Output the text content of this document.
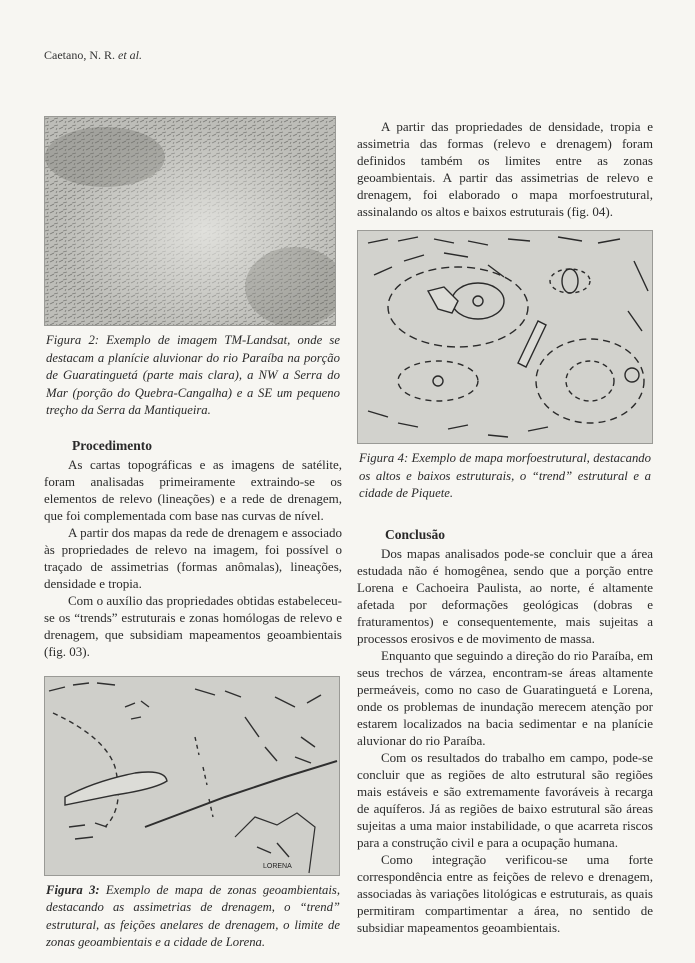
Caetano, N. R. et al.
Figura 2: Exemplo de imagem TM-Landsat, onde se destacam a planície aluvionar do rio Paraíba na porção de Guaratinguetá (parte mais clara), a NW a Serra do Mar (porção do Quebra-Cangalha) e a SE um pequeno treçho da Serra da Mantiqueira.
Procedimento

As cartas topográficas e as imagens de satélite, foram analisadas primeiramente extraindo-se os elementos de relevo (lineações) e a rede de drenagem, que foi complementada com base nas curvas de nível.

A partir dos mapas da rede de drenagem e associado às propriedades de relevo na imagem, foi possível o traçado de assimetrias (formas anômalas), lineações, densidade e tropia.

Com o auxílio das propriedades obtidas estabeleceu-se os “trends” estruturais e zonas homólogas de relevo e drenagem, que subsidiam mapeamentos geoambientais (fig. 03).

LORENA
Figura 3: Exemplo de mapa de zonas geoambientais, destacando as assimetrias de drenagem, o “trend” estrutural, as feições anelares de drenagem, o limite de zonas geoambientais e a cidade de Lorena.

A partir das propriedades de densidade, tropia e assimetria das formas (relevo e drenagem) foram definidos também os limites entre as zonas geoambientais. A partir das assimetrias de relevo e drenagem, foi elaborado o mapa morfoestrutural, assinalando os altos e baixos estruturais (fig. 04).

Figura 4: Exemplo de mapa morfoestrutural, destacando os altos e baixos estruturais, o “trend” estrutural e a cidade de Piquete.
Conclusão

Dos mapas analisados pode-se concluir que a área estudada não é homogênea, sendo que a porção entre Lorena e Cachoeira Paulista, ao norte, é altamente afetada por deformações geológicas (dobras e fraturamentos) e consequentemente, mais sujeitas a processos erosivos e de movimento de massa.

Enquanto que seguindo a direção do rio Paraíba, em seus trechos de várzea, encontram-se áreas altamente permeáveis, como no caso de Guaratinguetá e Lorena, onde os problemas de inundação merecem atenção por estarem localizados na bacia sedimentar e na planície aluvionar do rio Paraíba.

Com os resultados do trabalho em campo, pode-se concluir que as regiões de alto estrutural são regiões mais estáveis e são extremamente favoráveis à recarga de aquíferos. Já as regiões de baixo estrutural são áreas sujeitas a uma maior instabilidade, o que acarreta riscos para a construção civil e para a ocupação humana.

Como integração verificou-se uma forte correspondência entre as feições de relevo e drenagem, associadas às variações litológicas e estruturais, as quais permitiram compartimentar a área, no sentido de subsidiar mapeamentos geoambientais.
